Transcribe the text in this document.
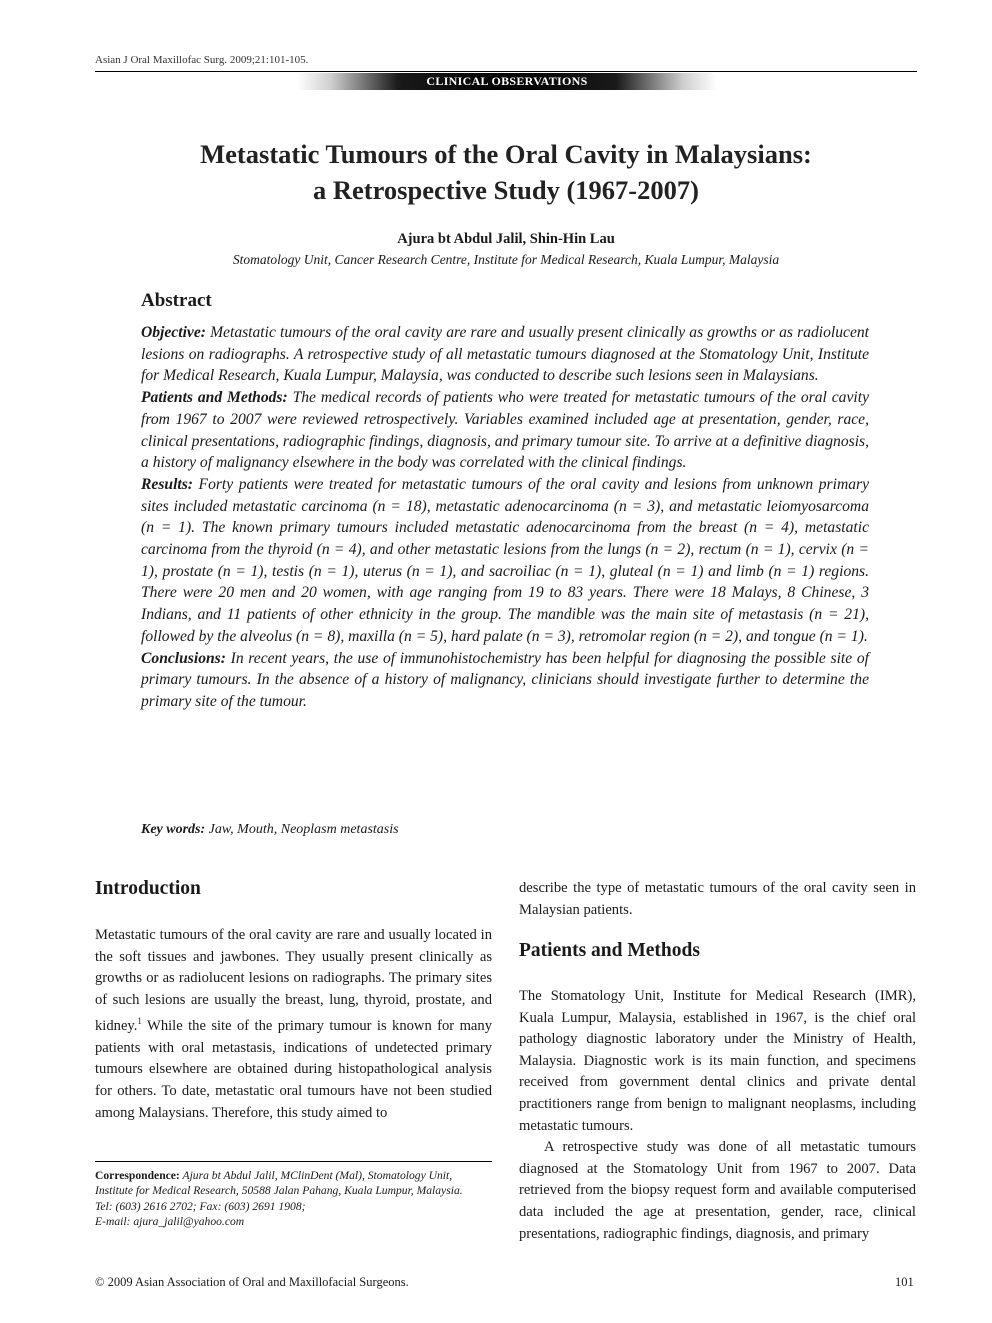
Asian J Oral Maxillofac Surg. 2009;21:101-105.
CLINICAL OBSERVATIONS
Metastatic Tumours of the Oral Cavity in Malaysians:
a Retrospective Study (1967-2007)
Ajura bt Abdul Jalil, Shin-Hin Lau
Stomatology Unit, Cancer Research Centre, Institute for Medical Research, Kuala Lumpur, Malaysia
Abstract

Objective: Metastatic tumours of the oral cavity are rare and usually present clinically as growths or as radiolucent lesions on radiographs. A retrospective study of all metastatic tumours diagnosed at the Stomatology Unit, Institute for Medical Research, Kuala Lumpur, Malaysia, was conducted to describe such lesions seen in Malaysians.

Patients and Methods: The medical records of patients who were treated for metastatic tumours of the oral cavity from 1967 to 2007 were reviewed retrospectively. Variables examined included age at presentation, gender, race, clinical presentations, radiographic findings, diagnosis, and primary tumour site. To arrive at a definitive diagnosis, a history of malignancy elsewhere in the body was correlated with the clinical findings.

Results: Forty patients were treated for metastatic tumours of the oral cavity and lesions from unknown primary sites included metastatic carcinoma (n = 18), metastatic adenocarcinoma (n = 3), and metastatic leiomyosarcoma (n = 1). The known primary tumours included metastatic adenocarcinoma from the breast (n = 4), metastatic carcinoma from the thyroid (n = 4), and other metastatic lesions from the lungs (n = 2), rectum (n = 1), cervix (n = 1), prostate (n = 1), testis (n = 1), uterus (n = 1), and sacroiliac (n = 1), gluteal (n = 1) and limb (n = 1) regions. There were 20 men and 20 women, with age ranging from 19 to 83 years. There were 18 Malays, 8 Chinese, 3 Indians, and 11 patients of other ethnicity in the group. The mandible was the main site of metastasis (n = 21), followed by the alveolus (n = 8), maxilla (n = 5), hard palate (n = 3), retromolar region (n = 2), and tongue (n = 1).

Conclusions: In recent years, the use of immunohistochemistry has been helpful for diagnosing the possible site of primary tumours. In the absence of a history of malignancy, clinicians should investigate further to determine the primary site of the tumour.

Key words: Jaw, Mouth, Neoplasm metastasis
Introduction

Metastatic tumours of the oral cavity are rare and usually located in the soft tissues and jawbones. They usually present clinically as growths or as radiolucent lesions on radiographs. The primary sites of such lesions are usually the breast, lung, thyroid, prostate, and kidney.$^1$ While the site of the primary tumour is known for many patients with oral metastasis, indications of undetected primary tumours elsewhere are obtained during histopathological analysis for others. To date, metastatic oral tumours have not been studied among Malaysians. Therefore, this study aimed to

describe the type of metastatic tumours of the oral cavity seen in Malaysian patients.

Patients and Methods

The Stomatology Unit, Institute for Medical Research (IMR), Kuala Lumpur, Malaysia, established in 1967, is the chief oral pathology diagnostic laboratory under the Ministry of Health, Malaysia. Diagnostic work is its main function, and specimens received from government dental clinics and private dental practitioners range from benign to malignant neoplasms, including metastatic tumours.

A retrospective study was done of all metastatic tumours diagnosed at the Stomatology Unit from 1967 to 2007. Data retrieved from the biopsy request form and available computerised data included the age at presentation, gender, race, clinical presentations, radiographic findings, diagnosis, and primary

Correspondence: Ajura bt Abdul Jalil, MClinDent (Mal), Stomatology Unit, Institute for Medical Research, 50588 Jalan Pahang, Kuala Lumpur, Malaysia.
Tel: (603) 2616 2702; Fax: (603) 2691 1908;
E-mail: ajura_jalil@yahoo.com
© 2009 Asian Association of Oral and Maxillofacial Surgeons.	101
